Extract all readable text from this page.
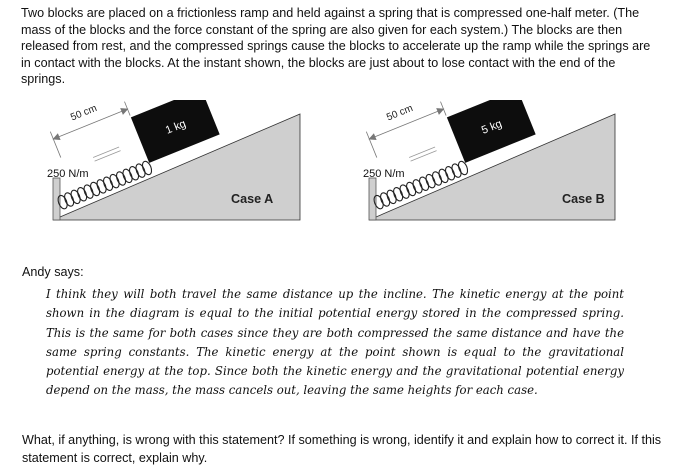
Two blocks are placed on a frictionless ramp and held against a spring that is compressed one-half meter. (The mass of the blocks and the force constant of the spring are also given for each system.) The blocks are then released from rest, and the compressed springs cause the blocks to accelerate up the ramp while the springs are in contact with the blocks. At the instant shown, the blocks are just about to lose contact with the end of the springs.

1 kg
50 cm
250 N/m
Case A
5 kg
50 cm
250 N/m
Case B

Andy says:

I think they will both travel the same distance up the incline. The kinetic energy at the point shown in the diagram is equal to the initial potential energy stored in the compressed spring. This is the same for both cases since they are both compressed the same distance and have the same spring constants. The kinetic energy at the point shown is equal to the gravitational potential energy at the top. Since both the kinetic energy and the gravitational potential energy depend on the mass, the mass cancels out, leaving the same heights for each case.

What, if anything, is wrong with this statement? If something is wrong, identify it and explain how to correct it. If this statement is correct, explain why.
